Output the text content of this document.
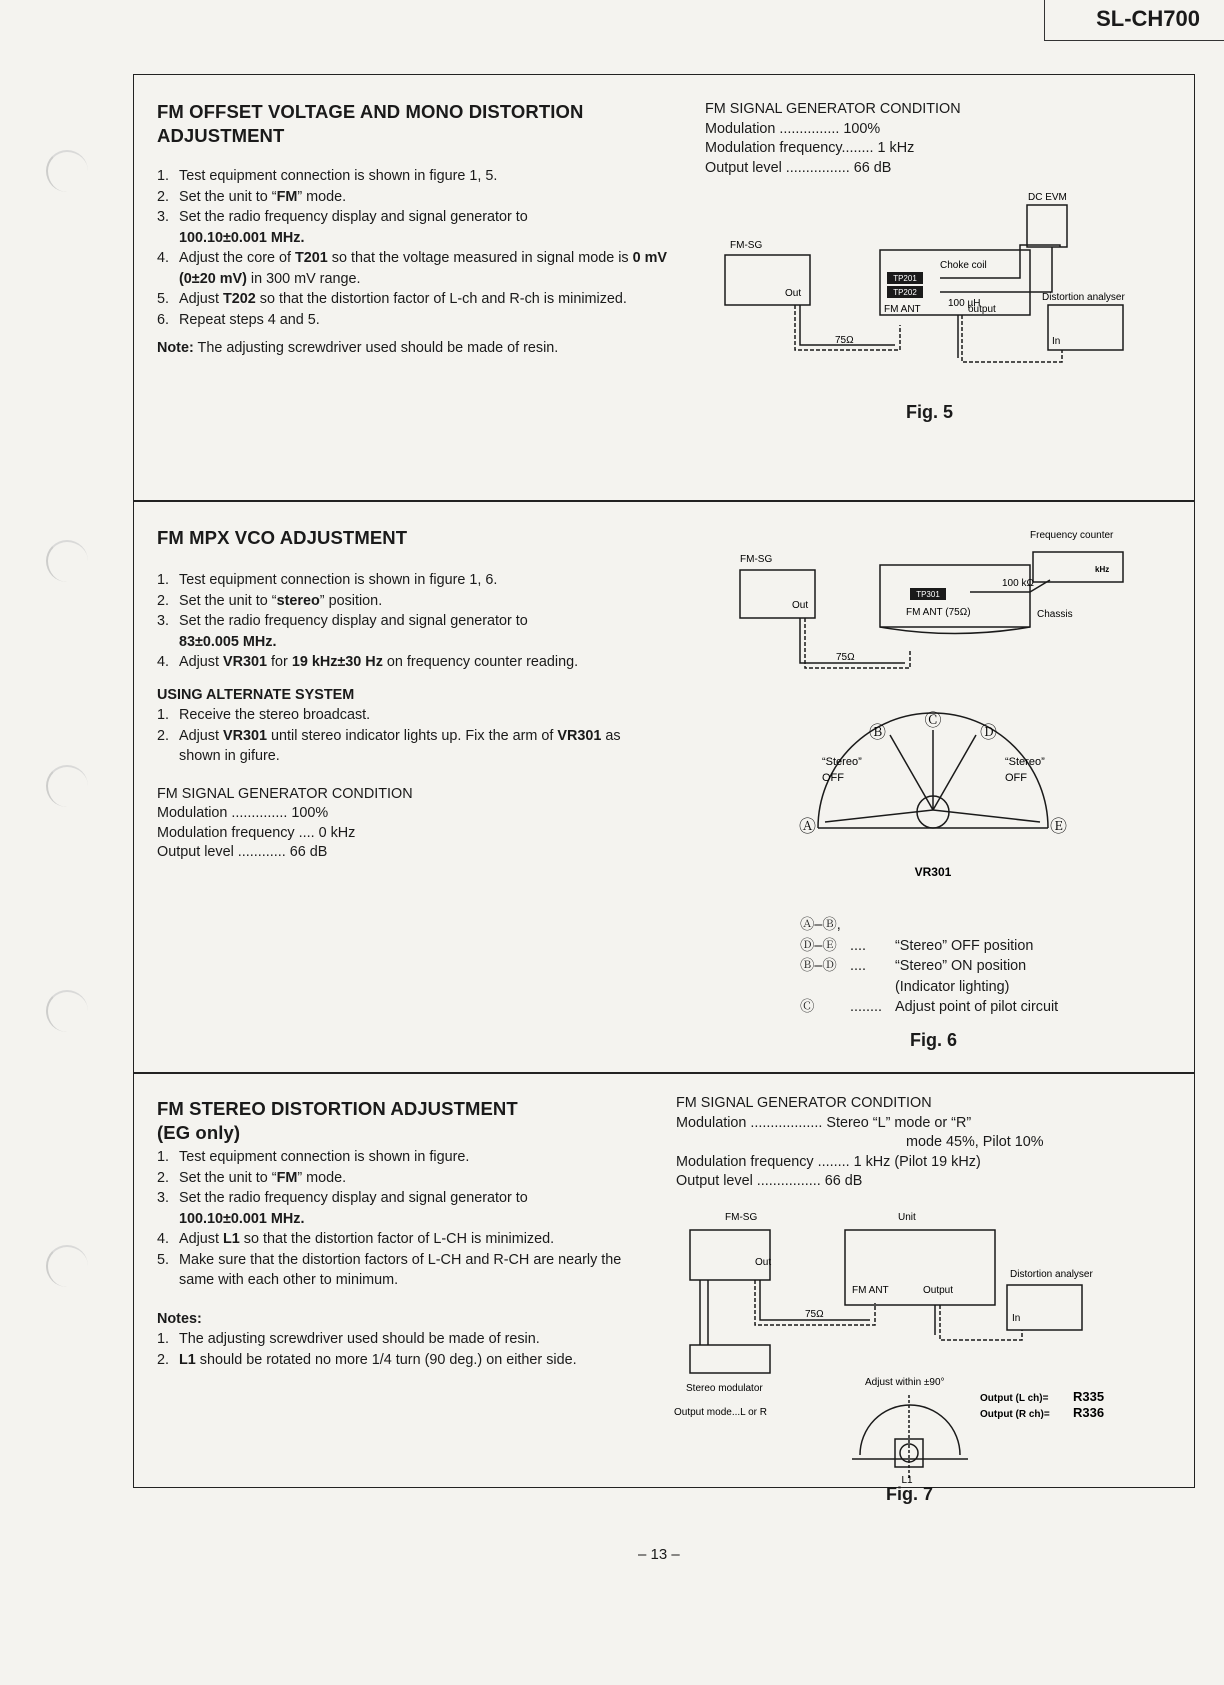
SL-CH700
FM OFFSET VOLTAGE AND MONO DISTORTION
ADJUSTMENT
1. Test equipment connection is shown in figure 1, 5.
2. Set the unit to “FM” mode.
3. Set the radio frequency display and signal generator to
100.10±0.001 MHz.
4. Adjust the core of T201 so that the voltage measured in signal mode is 0 mV (0±20 mV) in 300 mV range.
5. Adjust T202 so that the distortion factor of L-ch and R-ch is minimized.
6. Repeat steps 4 and 5.
Note: The adjusting screwdriver used should be made of resin.
FM SIGNAL GENERATOR CONDITION
Modulation ............... 100%
Modulation frequency........ 1 kHz
Output level ................ 66 dB
TP201
TP202
FM-SG
Out
DC EVM
Choke coil
100 µH
FM ANT	output
Distortion analyser
In
75Ω
Fig. 5
FM MPX VCO ADJUSTMENT
1. Test equipment connection is shown in figure 1, 6.
2. Set the unit to “stereo” position.
3. Set the radio frequency display and signal generator to
83±0.005 MHz.
4. Adjust VR301 for 19 kHz±30 Hz on frequency counter reading.
USING ALTERNATE SYSTEM
1. Receive the stereo broadcast.
2. Adjust VR301 until stereo indicator lights up. Fix the arm of VR301 as shown in gifure.
FM SIGNAL GENERATOR CONDITION
Modulation .............. 100%
Modulation frequency .... 0 kHz
Output level ............ 66 dB
TP301
FM-SG
Out
Frequency counter
kHz
100 kΩ
FM ANT (75Ω)	Chassis
75Ω
“Stereo”
OFF
“Stereo”
OFF
Ⓐ
Ⓑ
Ⓒ
Ⓓ
Ⓔ
VR301
Ⓐ–Ⓑ,
Ⓓ–Ⓔ ....	“Stereo” OFF position
Ⓑ–Ⓓ ....	“Stereo” ON position
(Indicator lighting)
Ⓒ	........ Adjust point of pilot circuit
Fig. 6
FM STEREO DISTORTION ADJUSTMENT
(EG only)
1. Test equipment connection is shown in figure.
2. Set the unit to “FM” mode.
3. Set the radio frequency display and signal generator to
100.10±0.001 MHz.
4. Adjust L1 so that the distortion factor of L-CH is minimized.
5. Make sure that the distortion factors of L-CH and R-CH are nearly the same with each other to minimum.
Notes:
1. The adjusting screwdriver used should be made of resin.
2. L1 should be rotated no more 1/4 turn (90 deg.) on either side.
FM SIGNAL GENERATOR CONDITION
Modulation .................. Stereo “L” mode or “R”
mode 45%, Pilot 10%
Modulation frequency ........ 1 kHz (Pilot 19 kHz)
Output level ................ 66 dB
FM-SG	Unit
Out
FM ANT	Output
Distortion analyser
In
75Ω
Stereo modulator
Output mode...L or R
Adjust within ±90°
L1
Output (L ch)= R335
Output (R ch)= R336
Fig. 7
– 13 –
